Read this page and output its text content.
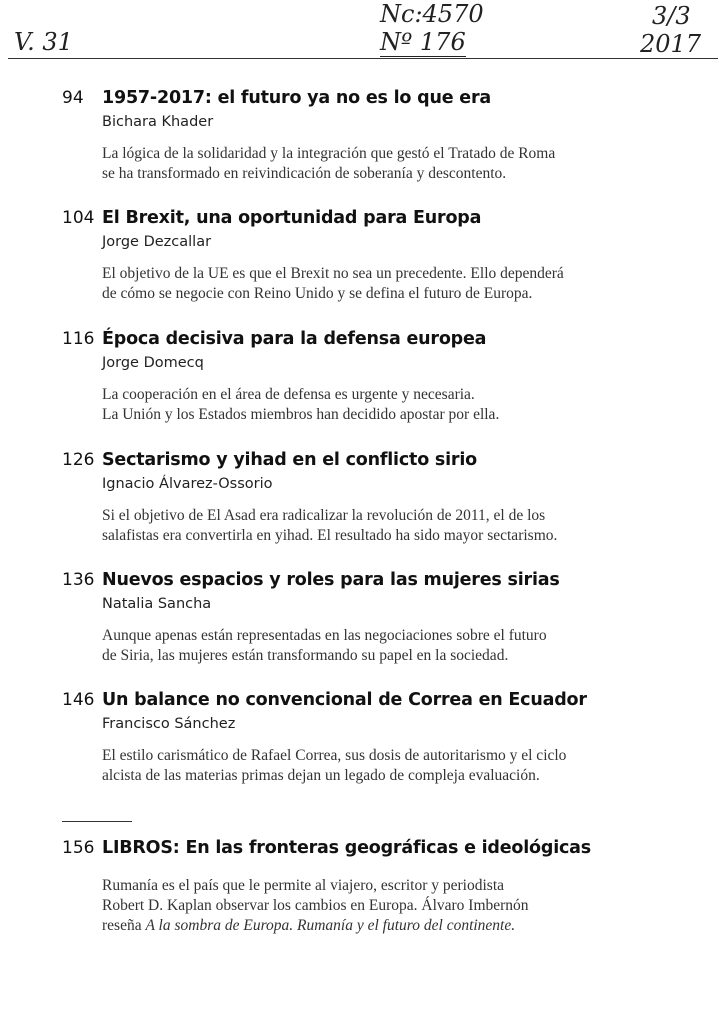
Nc:4570	3/3
V. 31	Nº 176	2017
94	1957-2017: el futuro ya no es lo que era
Bichara Khader

La lógica de la solidaridad y la integración que gestó el Tratado de Roma

se ha transformado en reivindicación de soberanía y descontento.

104 El Brexit, una oportunidad para Europa
Jorge Dezcallar

El objetivo de la UE es que el Brexit no sea un precedente. Ello dependerá

de cómo se negocie con Reino Unido y se defina el futuro de Europa.

116 Época decisiva para la defensa europea
Jorge Domecq

La cooperación en el área de defensa es urgente y necesaria.

La Unión y los Estados miembros han decidido apostar por ella.

126 Sectarismo y yihad en el conflicto sirio
Ignacio Álvarez-Ossorio

Si el objetivo de El Asad era radicalizar la revolución de 2011, el de los

salafistas era convertirla en yihad. El resultado ha sido mayor sectarismo.

136 Nuevos espacios y roles para las mujeres sirias
Natalia Sancha

Aunque apenas están representadas en las negociaciones sobre el futuro

de Siria, las mujeres están transformando su papel en la sociedad.

146 Un balance no convencional de Correa en Ecuador
Francisco Sánchez

El estilo carismático de Rafael Correa, sus dosis de autoritarismo y el ciclo

alcista de las materias primas dejan un legado de compleja evaluación.

156 LIBROS: En las fronteras geográficas e ideológicas

Rumanía es el país que le permite al viajero, escritor y periodista

Robert D. Kaplan observar los cambios en Europa. Álvaro Imbernón

reseña A la sombra de Europa. Rumanía y el futuro del continente.
